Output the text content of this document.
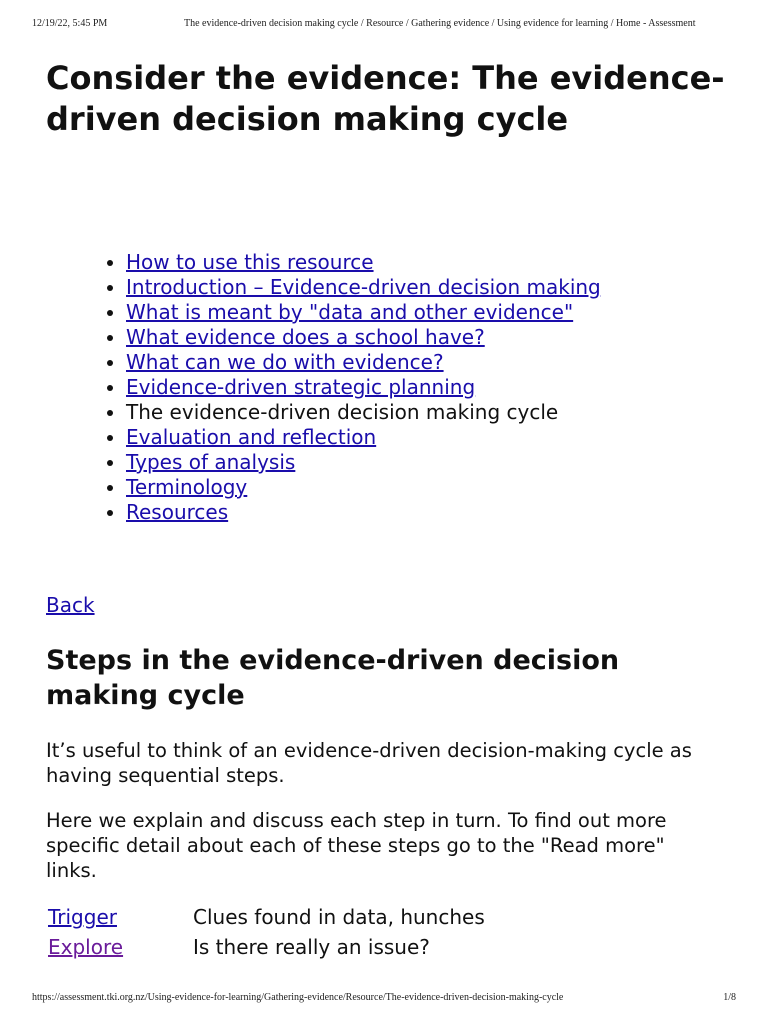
12/19/22, 5:45 PM	The evidence-driven decision making cycle / Resource / Gathering evidence / Using evidence for learning / Home - Assessment
Consider the evidence: The evidence-driven decision making cycle
• How to use this resource
• Introduction – Evidence-driven decision making
• What is meant by "data and other evidence"
• What evidence does a school have?
• What can we do with evidence?
• Evidence-driven strategic planning
• The evidence-driven decision making cycle
• Evaluation and reflection
• Types of analysis
• Terminology
• Resources
Back
Steps in the evidence-driven decision making cycle

It’s useful to think of an evidence-driven decision-making cycle as having sequential steps.

Here we explain and discuss each step in turn. To find out more specific detail about each of these steps go to the "Read more" links.

Trigger	Clues found in data, hunches
Explore	Is there really an issue?
https://assessment.tki.org.nz/Using-evidence-for-learning/Gathering-evidence/Resource/The-evidence-driven-decision-making-cycle	1/8
